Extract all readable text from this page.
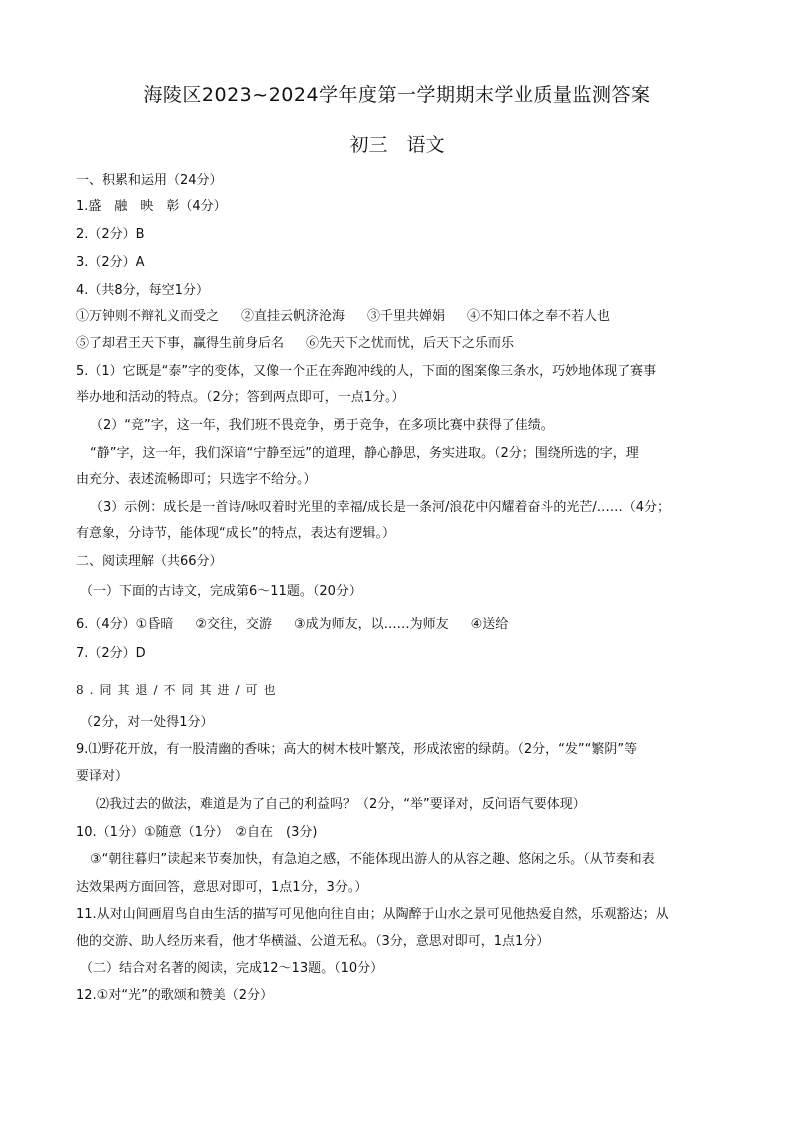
海陵区2023~2024学年度第一学期期末学业质量监测答案
初三　语文
一、积累和运用（24分）
1.盛　融　映　彰（4分）
2.（2分）B
3.（2分）A
4.（共8分，每空1分）
①万钟则不辩礼义而受之 ②直挂云帆济沧海 ③千里共婵娟 ④不知口体之奉不若人也
⑤了却君王天下事，赢得生前身后名 ⑥先天下之忧而忧，后天下之乐而乐
5.（1）它既是“泰”字的变体，又像一个正在奔跑冲线的人，下面的图案像三条水，巧妙地体现了赛事
举办地和活动的特点。（2分；答到两点即可，一点1分。）
（2）“竞”字，这一年，我们班不畏竞争，勇于竞争，在多项比赛中获得了佳绩。
“静”字，这一年，我们深谙“宁静至远”的道理，静心静思，务实进取。（2分；围绕所选的字，理
由充分、表述流畅即可；只选字不给分。）
（3）示例：成长是一首诗/咏叹着时光里的幸福/成长是一条河/浪花中闪耀着奋斗的光芒/……（4分；
有意象，分诗节，能体现“成长”的特点，表达有逻辑。）
二、阅读理解（共66分）
（一）下面的古诗文，完成第6～11题。（20分）
6.（4分）①昏暗 ②交往，交游 ③成为师友，以……为师友 ④送给
7.（2分）D
8.同其退/不同其进/可也
（2分，对一处得1分）
9.⑴野花开放，有一股清幽的香味；高大的树木枝叶繁茂，形成浓密的绿荫。（2分，“发”“繁阴”等
要译对）
⑵我过去的做法，难道是为了自己的利益吗？（2分，“举”要译对，反问语气要体现）
10.（1分）①随意（1分）　②自在　(3分)
③“朝往暮归”读起来节奏加快，有急迫之感，不能体现出游人的从容之趣、悠闲之乐。（从节奏和表
达效果两方面回答，意思对即可，1点1分，3分。）
11.从对山间画眉鸟自由生活的描写可见他向往自由；从陶醉于山水之景可见他热爱自然，乐观豁达；从
他的交游、助人经历来看，他才华横溢、公道无私。（3分，意思对即可，1点1分）
（二）结合对名著的阅读，完成12～13题。（10分）
12.①对“光”的歌颂和赞美（2分）
